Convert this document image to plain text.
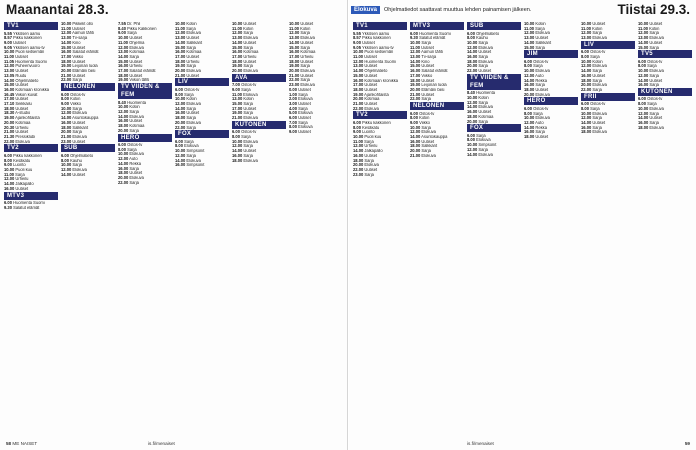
Maanantai 28.3.
TV1
5.55 Ykkösen aamu
8.57 Pikku kakkonen
9.00 Uutiset
9.05 Ykkösen aamu-tv
10.00 Puoli seitsemän
11.00 Uutiset
11.05 Huomenta Suomi
12.00 Puheenvuoro
13.00 Uutiset
13.05 Ruutu
14.00 Ohjelmatieto
15.00 Uutiset
16.00 Kotimaan kronikka
16.45 Viikon kuvat
17.00 Uutiset
17.10 Seikkailu
18.00 Uutiset
18.30 A-studio
19.00 Ajankohtaista
20.00 Kotimaa
20.30 Urheilu
21.00 Uutiset
21.30 Pressiklubi
22.00 Elokuva
TV2
6.00 Pikku kakkonen
8.00 Kesäkatu
9.00 Luonto
10.00 Puoli kuu
11.00 Sarja
12.00 Urheilu
14.00 Jalkapallo
16.00 Uutiset
MTV3
6.00 Huomenta Suomi
9.30 Salatut elämät
10.00 Pikkelit ollo
11.00 Uutiset
12.00 Aamun tähti
13.00 Tv-sarja
14.00 Kino
15.00 Uutiset
16.00 Salatut elämät
17.00 Viikko
18.00 Uutiset
19.00 Leijonan luola
20.00 Elämäni biisi
21.00 Uutiset
22.00 Sarja
NELONEN
6.00 Ostos-tv
8.00 Kotiin
9.00 Viikko
10.00 Sarja
12.00 Elokuva
14.00 Asuntokauppa
16.00 Uutiset
18.00 Salkkarit
20.00 Sarja
21.00 Elokuva
23.00 Uutiset
SUB
6.00 Ohjelmatieto
8.00 Kauhu
10.00 Sarja
12.00 Elokuva
14.00 Uutiset
7.55 Dr. Phil
8.40 Pikku Kakkonen
9.00 Sarja
10.00 Uutiset
11.00 Ohjelma
12.00 Elokuva
13.00 Kotimaa
14.00 Sarja
15.00 Uutiset
16.00 Urheilu
17.00 Salatut elämät
18.00 Uutiset
19.00 Viikon tähti
TV VIIDEN & FEM
8.40 Huomenta
10.00 Kotiin
12.00 Sarja
14.00 Elokuva
16.00 Uutiset
18.00 Kotimaa
20.00 Sarja
HERO
6.00 Ostos-tv
8.00 Sarja
10.00 Elokuva
12.00 Auto
14.00 Rekka
16.00 Sarja
18.00 Uutiset
20.00 Elokuva
22.00 Sarja
10.00 Kotiin
11.00 Sarja
12.00 Elokuva
13.00 Uutiset
14.00 Salkkarit
15.00 Sarja
16.00 Kotimaa
17.00 Uutiset
18.00 Urheilu
19.00 Sarja
20.00 Elokuva
21.00 Uutiset
LIV
6.00 Ostos-tv
8.00 Sarja
10.00 Kotiin
12.00 Elokuva
14.00 Sarja
16.00 Uutiset
18.00 Sarja
20.00 Elokuva
22.00 Sarja
FOX
6.00 Sarja
8.00 Elokuva
10.00 Simpsonit
12.00 Sarja
14.00 Elokuva
16.00 Simpsonit
10.00 Uutiset
11.00 Kotiin
12.00 Sarja
13.00 Elokuva
14.00 Uutiset
15.00 Sarja
16.00 Kotimaa
17.00 Urheilu
18.00 Uutiset
19.00 Sarja
20.00 Elokuva
AVA
7.00 Ostos-tv
9.00 Sarja
11.00 Elokuva
13.00 Kotiin
15.00 Sarja
17.00 Uutiset
19.00 Sarja
21.00 Elokuva
KUTONEN
6.00 Ostos-tv
8.00 Sarja
10.00 Elokuva
12.00 Sarja
14.00 Uutiset
16.00 Sarja
18.00 Elokuva
10.00 Uutiset
11.00 Kotiin
12.00 Sarja
13.00 Elokuva
14.00 Uutiset
15.00 Sarja
16.00 Kotimaa
17.00 Urheilu
18.00 Uutiset
19.00 Sarja
20.00 Elokuva
21.00 Uutiset
22.00 Sarja
23.00 Elokuva
0.00 Uutiset
1.00 Sarja
2.00 Elokuva
3.00 Uutiset
4.00 Sarja
5.00 Elokuva
6.00 Uutiset
7.00 Sarja
8.00 Elokuva
9.00 Uutiset
58 ME NAISET	is.fi/menaiset
Elokuva	Ohjelmatiedot saattavat muuttua lehden painamisen jälkeen.	Tiistai 29.3.
TV1
5.55 Ykkösen aamu
8.57 Pikku kakkonen
9.00 Uutiset
9.05 Ykkösen aamu-tv
10.00 Puoli seitsemän
11.00 Uutiset
12.00 Huomenta Suomi
13.00 Uutiset
14.00 Ohjelmatieto
15.00 Uutiset
16.00 Kotimaan kronikka
17.00 Uutiset
18.00 Uutiset
19.00 Ajankohtaista
20.00 Kotimaa
21.00 Uutiset
22.00 Elokuva
TV2
6.00 Pikku kakkonen
8.00 Kesäkatu
9.00 Luonto
10.00 Puoli kuu
11.00 Sarja
12.00 Urheilu
14.00 Jalkapallo
16.00 Uutiset
18.00 Sarja
20.00 Elokuva
22.00 Uutiset
23.00 Sarja
MTV3
6.00 Huomenta Suomi
9.30 Salatut elämät
10.00 Sarja
11.00 Uutiset
12.00 Aamun tähti
13.00 Tv-sarja
14.00 Kino
15.00 Uutiset
16.00 Salatut elämät
17.00 Viikko
18.00 Uutiset
19.00 Leijonan luola
20.00 Elämäni biisi
21.00 Uutiset
22.00 Sarja
NELONEN
6.00 Ostos-tv
8.00 Kotiin
9.00 Viikko
10.00 Sarja
12.00 Elokuva
14.00 Asuntokauppa
16.00 Uutiset
18.00 Salkkarit
20.00 Sarja
21.00 Elokuva
SUB
6.00 Ohjelmatieto
8.00 Kauhu
10.00 Sarja
12.00 Elokuva
14.00 Uutiset
16.00 Sarja
18.00 Elokuva
20.00 Sarja
22.00 Uutiset
TV VIIDEN & FEM
8.40 Huomenta
10.00 Kotiin
12.00 Sarja
14.00 Elokuva
16.00 Uutiset
18.00 Kotimaa
20.00 Sarja
FOX
6.00 Sarja
8.00 Elokuva
10.00 Simpsonit
12.00 Sarja
14.00 Elokuva
10.00 Kotiin
11.00 Sarja
12.00 Elokuva
13.00 Uutiset
14.00 Salkkarit
15.00 Sarja
JIM
6.00 Ostos-tv
8.00 Sarja
10.00 Elokuva
12.00 Auto
14.00 Rekka
16.00 Sarja
18.00 Uutiset
20.00 Elokuva
HERO
6.00 Ostos-tv
8.00 Sarja
10.00 Elokuva
12.00 Auto
14.00 Rekka
16.00 Sarja
18.00 Uutiset
10.00 Uutiset
11.00 Kotiin
12.00 Sarja
13.00 Elokuva
LIV
6.00 Ostos-tv
8.00 Sarja
10.00 Kotiin
12.00 Elokuva
14.00 Sarja
16.00 Uutiset
18.00 Sarja
20.00 Elokuva
22.00 Sarja
FRII
6.00 Ostos-tv
8.00 Sarja
10.00 Elokuva
12.00 Sarja
14.00 Uutiset
16.00 Sarja
18.00 Elokuva
10.00 Uutiset
11.00 Kotiin
12.00 Sarja
13.00 Elokuva
14.00 Uutiset
15.00 Sarja
TV5
6.00 Ostos-tv
8.00 Sarja
10.00 Elokuva
12.00 Sarja
14.00 Uutiset
16.00 Sarja
KUTONEN
6.00 Ostos-tv
8.00 Sarja
10.00 Elokuva
12.00 Sarja
14.00 Uutiset
16.00 Sarja
18.00 Elokuva
is.fi/menaiset	59
